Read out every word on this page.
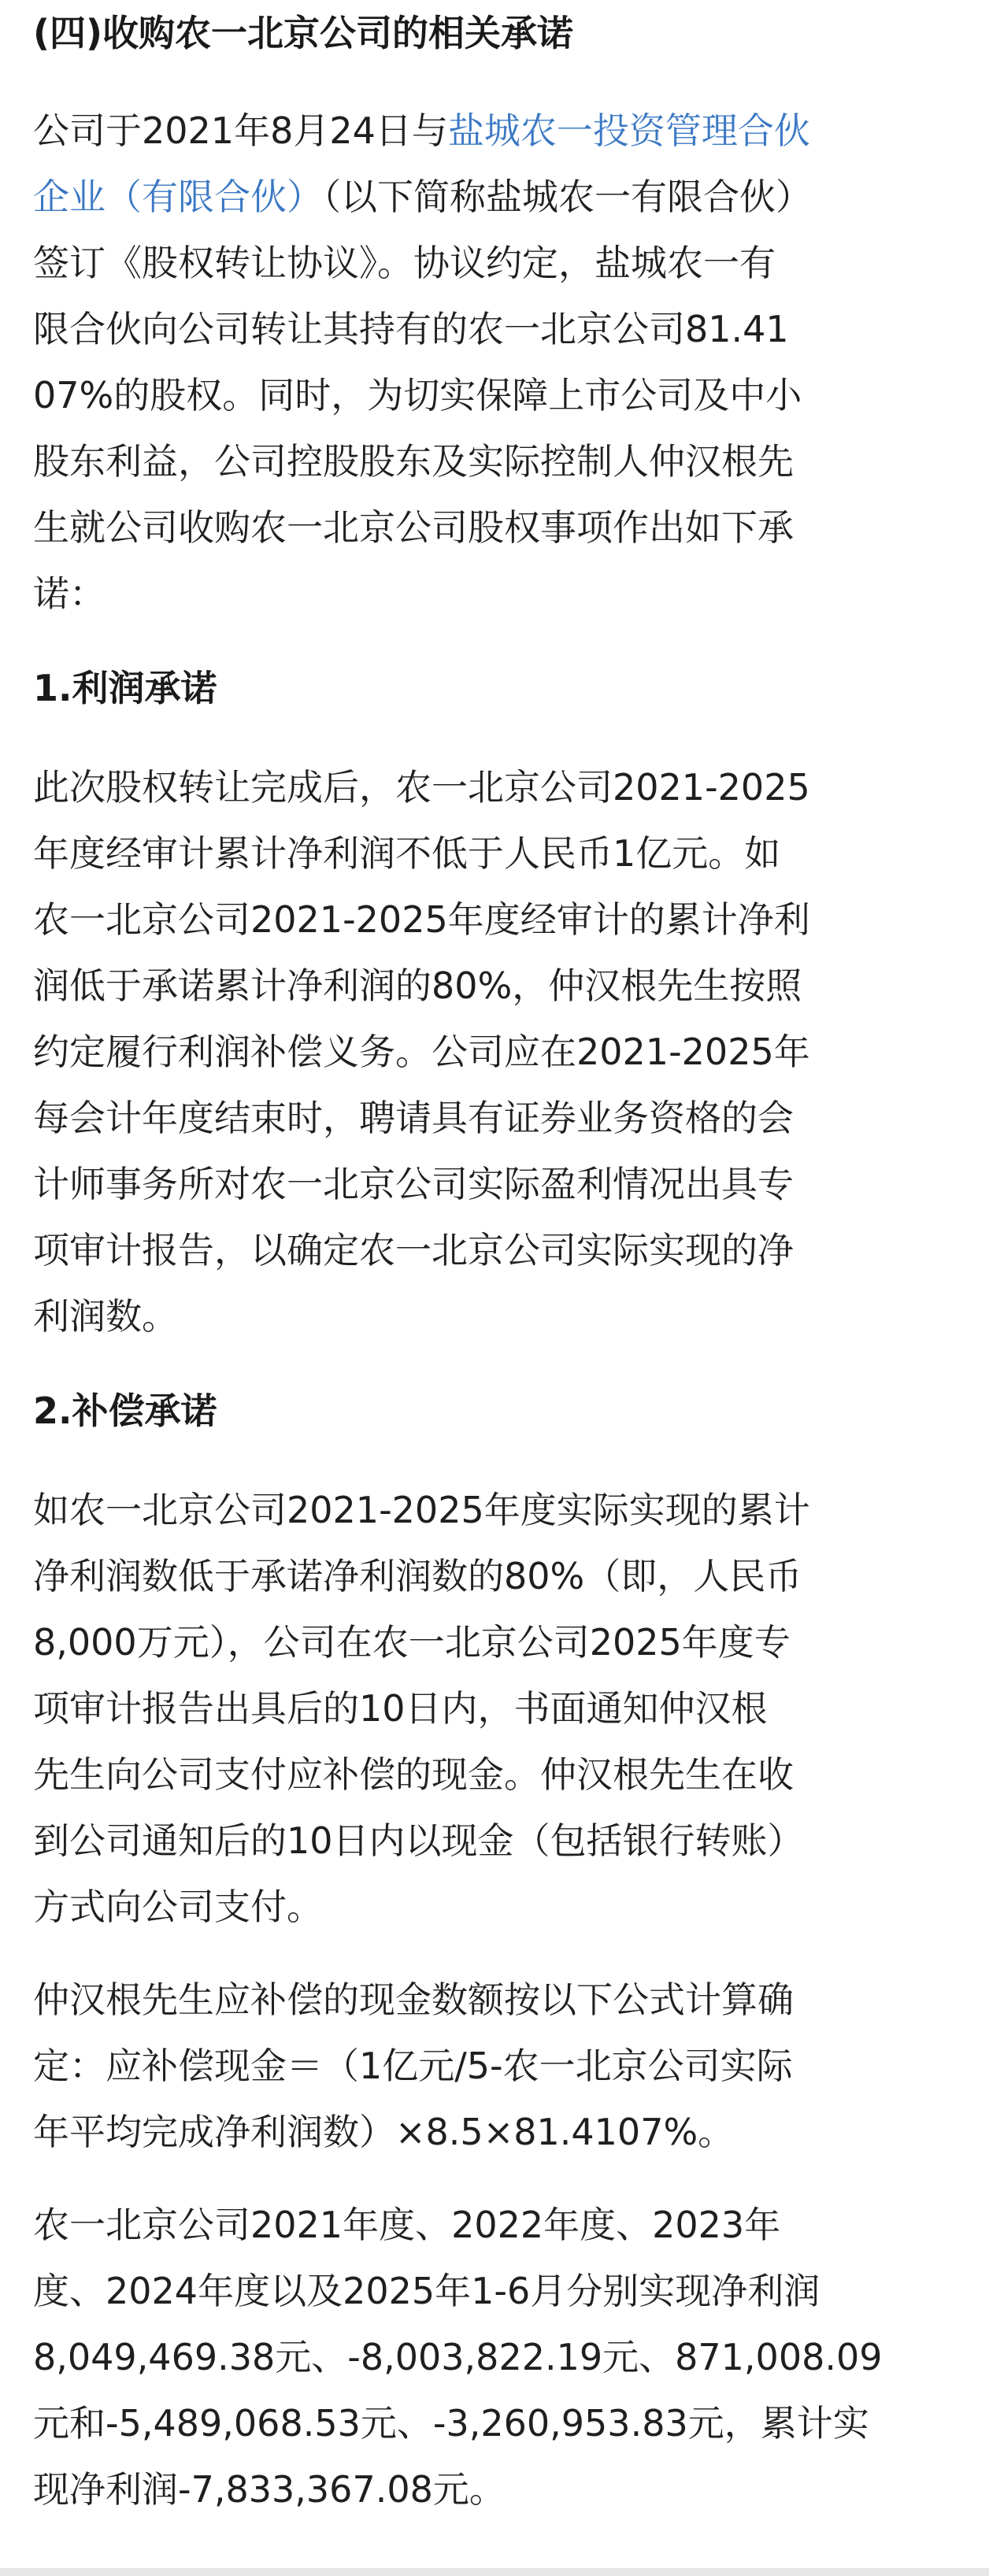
(四)收购农一北京公司的相关承诺

公司于2021年8月24日与盐城农一投资管理合伙
企业（有限合伙）（以下简称盐城农一有限合伙）
签订《股权转让协议》。协议约定，盐城农一有
限合伙向公司转让其持有的农一北京公司81.41
07%的股权。同时，为切实保障上市公司及中小
股东利益，公司控股股东及实际控制人仲汉根先
生就公司收购农一北京公司股权事项作出如下承
诺：

1.利润承诺

此次股权转让完成后，农一北京公司2021-2025
年度经审计累计净利润不低于人民币1亿元。如
农一北京公司2021-2025年度经审计的累计净利
润低于承诺累计净利润的80%，仲汉根先生按照
约定履行利润补偿义务。公司应在2021-2025年
每会计年度结束时，聘请具有证券业务资格的会
计师事务所对农一北京公司实际盈利情况出具专
项审计报告，以确定农一北京公司实际实现的净
利润数。

2.补偿承诺

如农一北京公司2021-2025年度实际实现的累计
净利润数低于承诺净利润数的80%（即，人民币
8,000万元），公司在农一北京公司2025年度专
项审计报告出具后的10日内，书面通知仲汉根
先生向公司支付应补偿的现金。仲汉根先生在收
到公司通知后的10日内以现金（包括银行转账）
方式向公司支付。

仲汉根先生应补偿的现金数额按以下公式计算确
定：应补偿现金＝（1亿元/5-农一北京公司实际
年平均完成净利润数）×8.5×81.4107%。

农一北京公司2021年度、2022年度、2023年
度、2024年度以及2025年1-6月分别实现净利润
8,049,469.38元、-8,003,822.19元、871,008.09
元和-5,489,068.53元、-3,260,953.83元，累计实
现净利润-7,833,367.08元。
